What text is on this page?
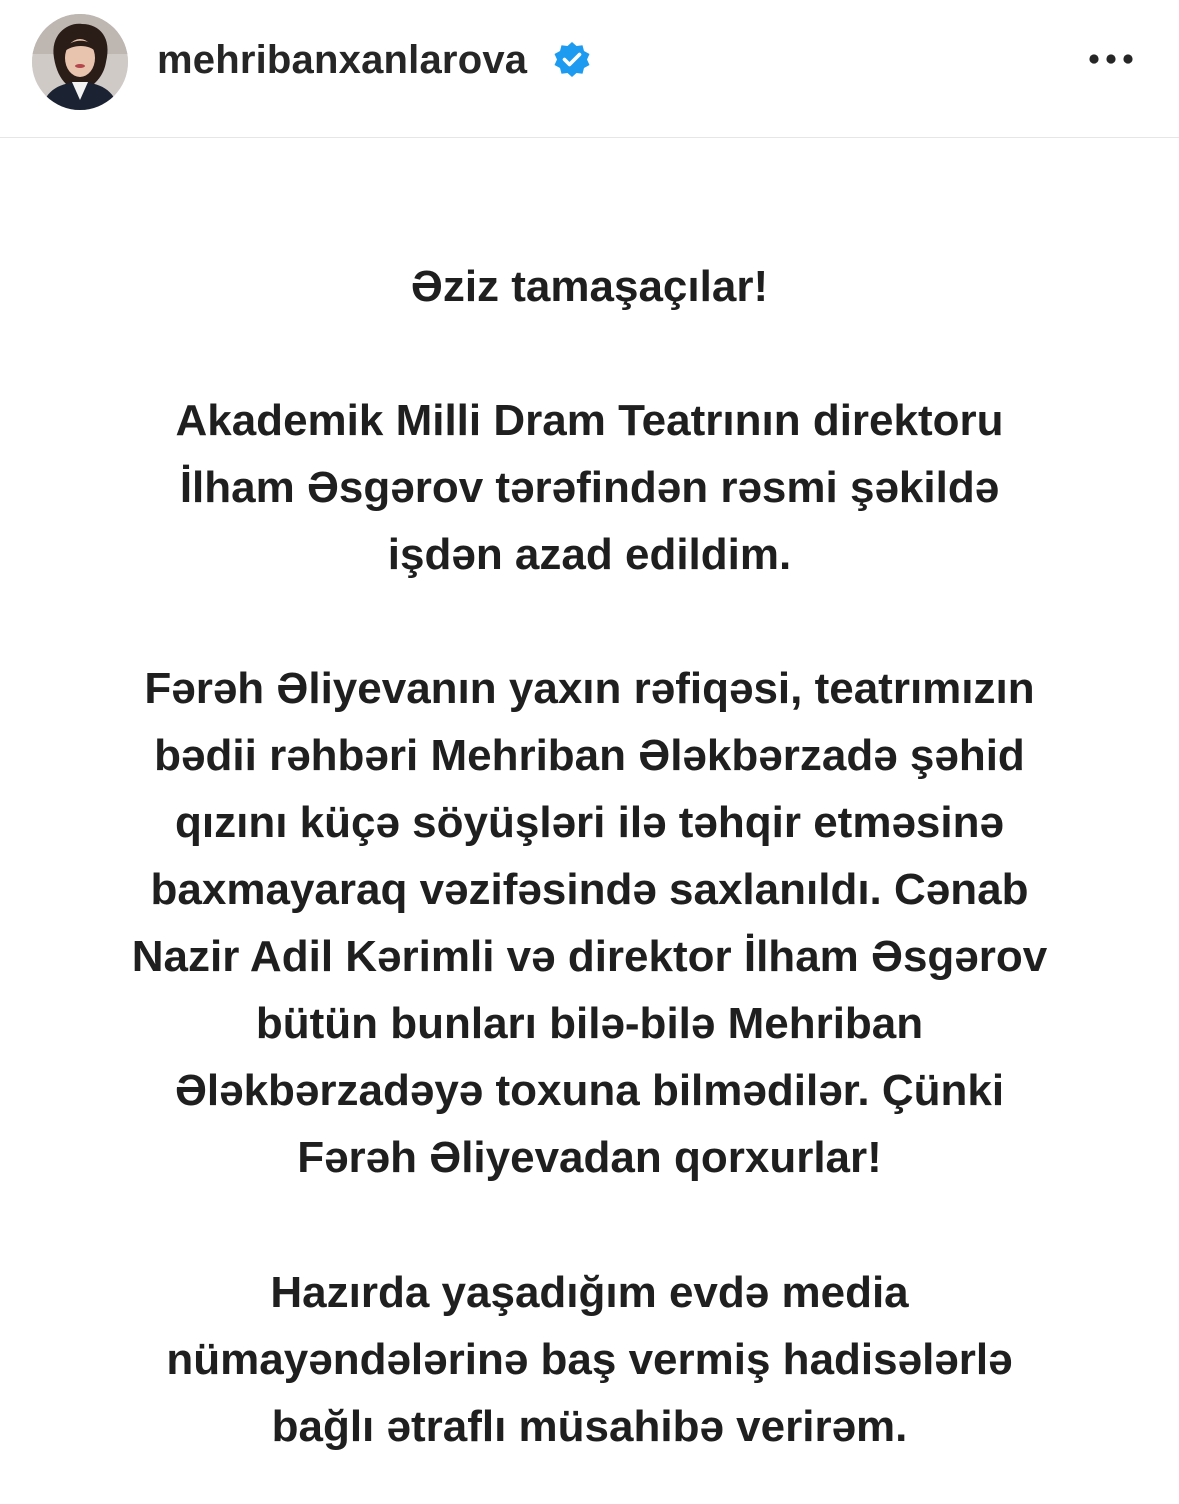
mehribanxanlarova

Əziz tamaşaçılar!

Akademik Milli Dram Teatrının direktoru
İlham Əsgərov tərəfindən rəsmi şəkildə
işdən azad edildim.

Fərəh Əliyevanın yaxın rəfiqəsi, teatrımızın
bədii rəhbəri Mehriban Ələkbərzadə şəhid
qızını küçə söyüşləri ilə təhqir etməsinə
baxmayaraq vəzifəsində saxlanıldı. Cənab
Nazir Adil Kərimli və direktor İlham Əsgərov
bütün bunları bilə-bilə Mehriban
Ələkbərzadəyə toxuna bilmədilər. Çünki
Fərəh Əliyevadan qorxurlar!

Hazırda yaşadığım evdə media
nümayəndələrinə baş vermiş hadisələrlə
bağlı ətraflı müsahibə verirəm.
